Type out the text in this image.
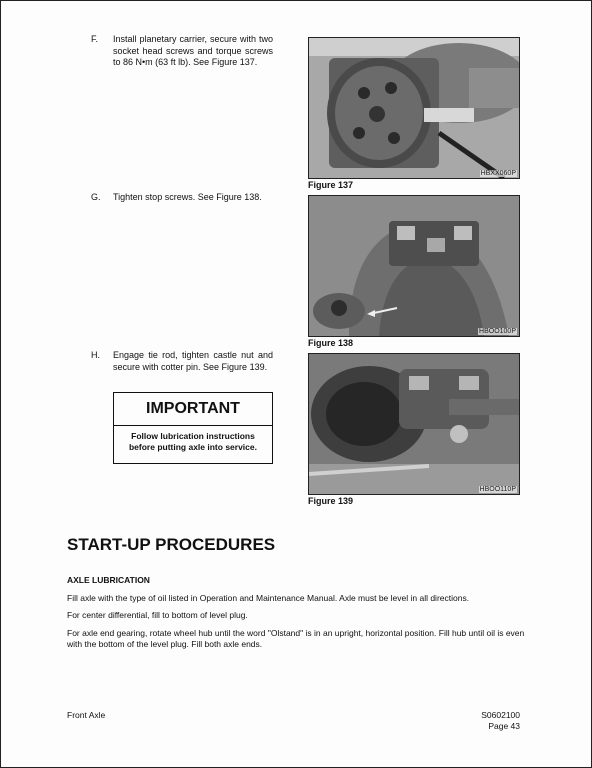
F. Install planetary carrier, secure with two socket head screws and torque screws to 86 N•m (63 ft lb). See Figure 137.
G. Tighten stop screws. See Figure 138.
H. Engage tie rod, tighten castle nut and secure with cotter pin. See Figure 139.
HBXX060P
Figure 137
HBOO100P
Figure 138
HBOO110P
Figure 139
IMPORTANT
Follow lubrication instructions before putting axle into service.
START-UP PROCEDURES
AXLE LUBRICATION
Fill axle with the type of oil listed in Operation and Maintenance Manual. Axle must be level in all directions.
For center differential, fill to bottom of level plug.
For axle end gearing, rotate wheel hub until the word "Olstand" is in an upright, horizontal position. Fill hub until oil is even with the bottom of the level plug. Fill both axle ends.
Front Axle	S0602100
Page 43
